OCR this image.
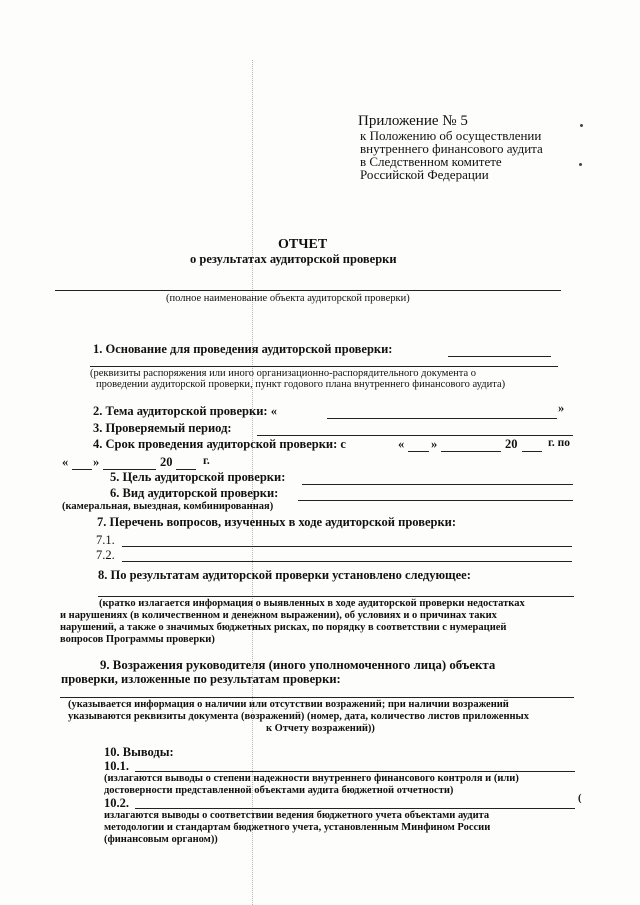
Приложение № 5
к Положению об осуществлении
внутреннего финансового аудита
в Следственном комитете
Российской Федерации
ОТЧЕТ
о результатах аудиторской проверки
(полное наименование объекта аудиторской проверки)
1. Основание для проведения аудиторской проверки:
(реквизиты распоряжения или иного организационно-распорядительного документа о
проведении аудиторской проверки, пункт годового плана внутреннего финансового аудита)
2. Тема аудиторской проверки: «	»
3. Проверяемый период:
4. Срок проведения аудиторской проверки: с	« »	20	г. по
« »	20	г.
5. Цель аудиторской проверки:
6. Вид аудиторской проверки:
(камеральная, выездная, комбинированная)
7. Перечень вопросов, изученных в ходе аудиторской проверки:
7.1.
7.2.
8. По результатам аудиторской проверки установлено следующее:
(кратко излагается информация о выявленных в ходе аудиторской проверки недостатках
и нарушениях (в количественном и денежном выражении), об условиях и о причинах таких
нарушений, а также о значимых бюджетных рисках, по порядку в соответствии с нумерацией
вопросов Программы проверки)
9. Возражения руководителя (иного уполномоченного лица) объекта
проверки, изложенные по результатам проверки:
(указывается информация о наличии или отсутствии возражений; при наличии возражений
указываются реквизиты документа (возражений) (номер, дата, количество листов приложенных
к Отчету возражений))
10. Выводы:
10.1.
(излагаются выводы о степени надежности внутреннего финансового контроля и (или)
достоверности представленной объектами аудита бюджетной отчетности)
10.2.	(
излагаются выводы о соответствии ведения бюджетного учета объектами аудита
методологии и стандартам бюджетного учета, установленным Минфином России
(финансовым органом))
